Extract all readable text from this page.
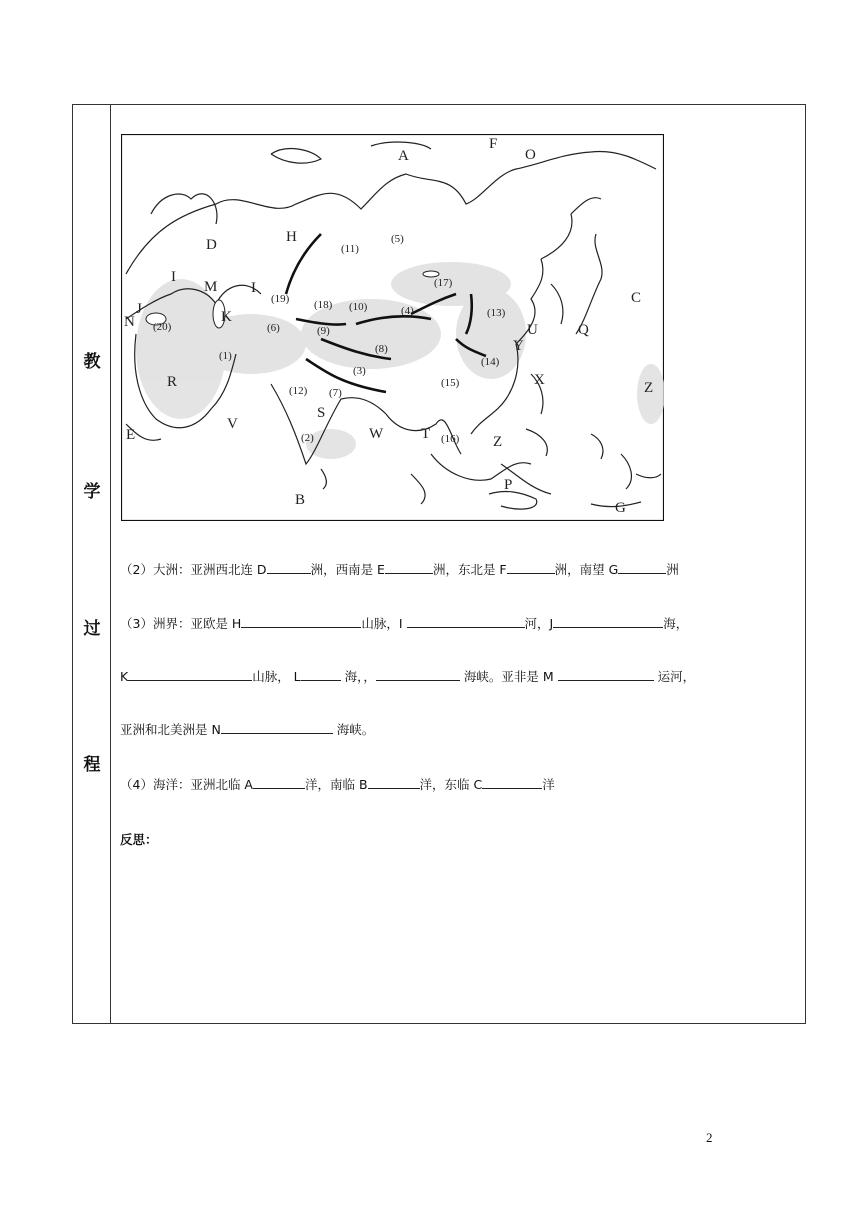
教
学
过
程
A
B
C
D
E
F
G
H
I
I
J	K
M
N
O
P
Q
R
S
T
U
V
W
X
Y
Z
Z
(1)
(2)
(3)
(4)
(5)
(6)
(7)
(8)
(9)
(10)
(11)
(12)
(13)
(14)
(15)
(16)
(17)
(18)
(19)
(20)
（2）大洲：亚洲西北连 D	洲，西南是 E	洲，东北是 F	洲，南望 G	洲
（3）洲界：亚欧是 H	山脉，I	河，J	海，
K	山脉， L	海，，	海峡。亚非是 M	运河，
亚洲和北美洲是 N	海峡。
（4）海洋：亚洲北临 A	洋，南临 B	洋，东临 C	洋
反思：
2
